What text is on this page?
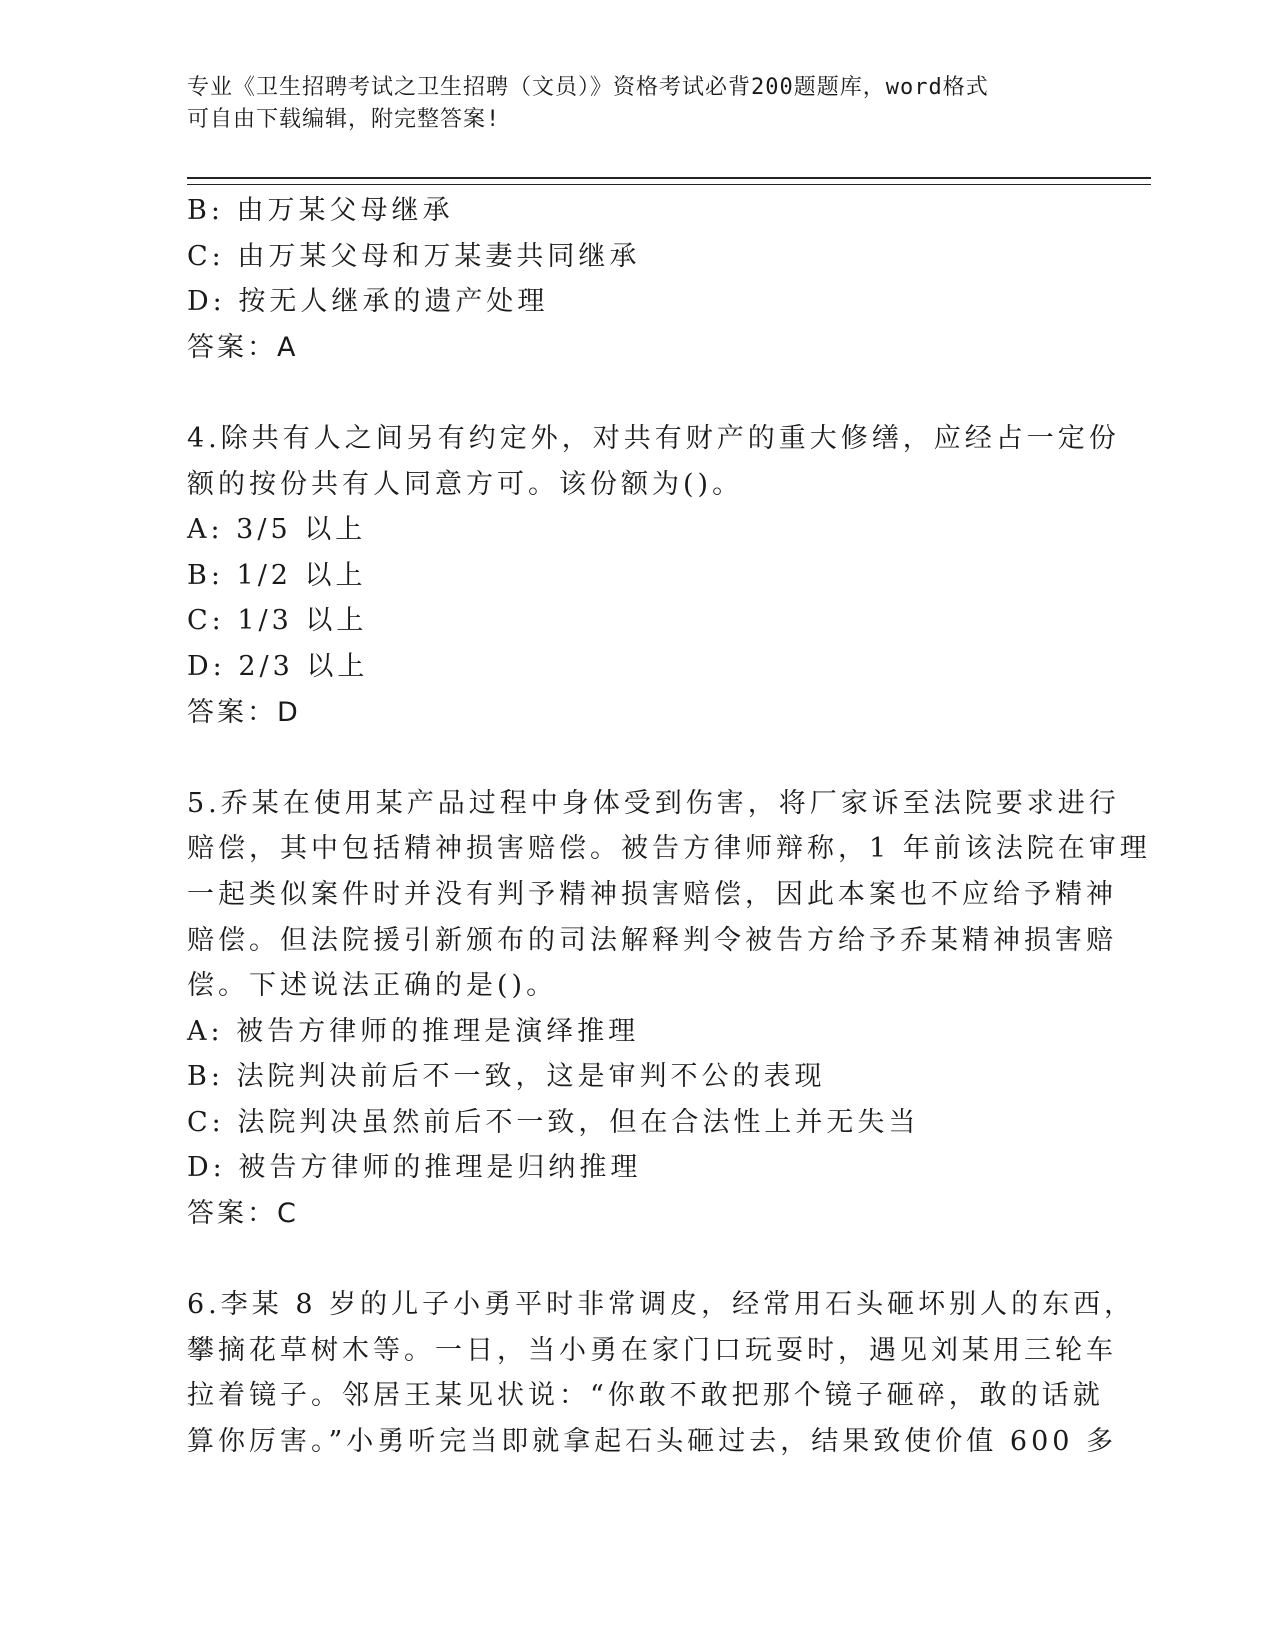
专业《卫生招聘考试之卫生招聘（文员）》资格考试必背200题题库，word格式
可自由下载编辑，附完整答案!
B: 由万某父母继承
C: 由万某父母和万某妻共同继承
D: 按无人继承的遗产处理
答案：A
4.除共有人之间另有约定外，对共有财产的重大修缮，应经占一定份
额的按份共有人同意方可。该份额为()。
A: 3/5 以上
B: 1/2 以上
C: 1/3 以上
D: 2/3 以上
答案：D
5.乔某在使用某产品过程中身体受到伤害，将厂家诉至法院要求进行
赔偿，其中包括精神损害赔偿。被告方律师辩称，1 年前该法院在审理
一起类似案件时并没有判予精神损害赔偿，因此本案也不应给予精神
赔偿。但法院援引新颁布的司法解释判令被告方给予乔某精神损害赔
偿。下述说法正确的是()。
A: 被告方律师的推理是演绎推理
B: 法院判决前后不一致，这是审判不公的表现
C: 法院判决虽然前后不一致，但在合法性上并无失当
D: 被告方律师的推理是归纳推理
答案：C
6.李某 8 岁的儿子小勇平时非常调皮，经常用石头砸坏别人的东西，
攀摘花草树木等。一日，当小勇在家门口玩耍时，遇见刘某用三轮车
拉着镜子。邻居王某见状说：“你敢不敢把那个镜子砸碎，敢的话就
算你厉害。”小勇听完当即就拿起石头砸过去，结果致使价值 600 多
